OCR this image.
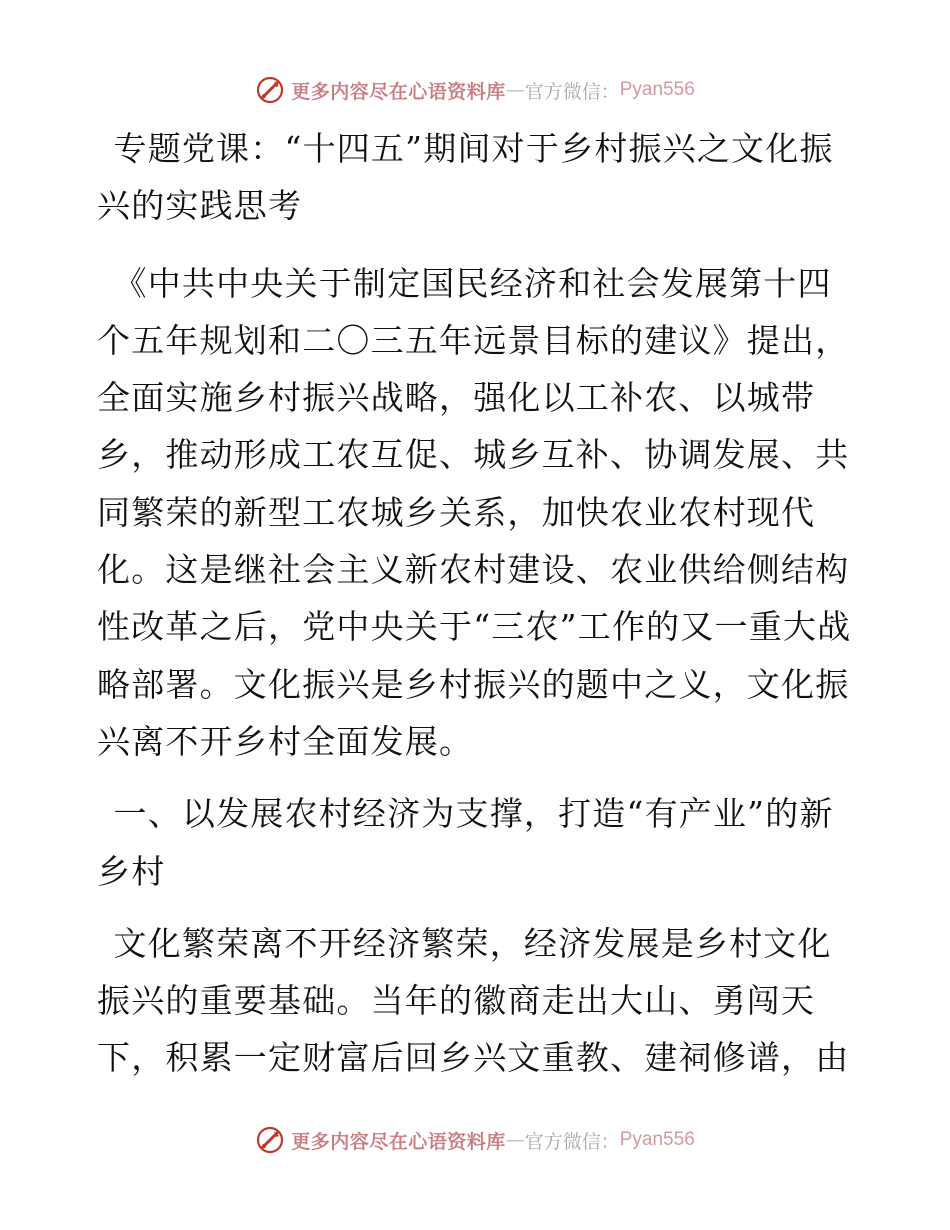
更多内容尽在心语资料库 — 官方微信： Pyan556

专题党课：“十四五”期间对于乡村振兴之文化振兴的实践思考

《中共中央关于制定国民经济和社会发展第十四个五年规划和二〇三五年远景目标的建议》提出，全面实施乡村振兴战略，强化以工补农、以城带乡，推动形成工农互促、城乡互补、协调发展、共同繁荣的新型工农城乡关系，加快农业农村现代化。这是继社会主义新农村建设、农业供给侧结构性改革之后，党中央关于“三农”工作的又一重大战略部署。文化振兴是乡村振兴的题中之义，文化振兴离不开乡村全面发展。

一、以发展农村经济为支撑，打造“有产业”的新乡村

文化繁荣离不开经济繁荣，经济发展是乡村文化振兴的重要基础。当年的徽商走出大山、勇闯天下，积累一定财富后回乡兴文重教、建祠修谱，由

更多内容尽在心语资料库 — 官方微信： Pyan556
